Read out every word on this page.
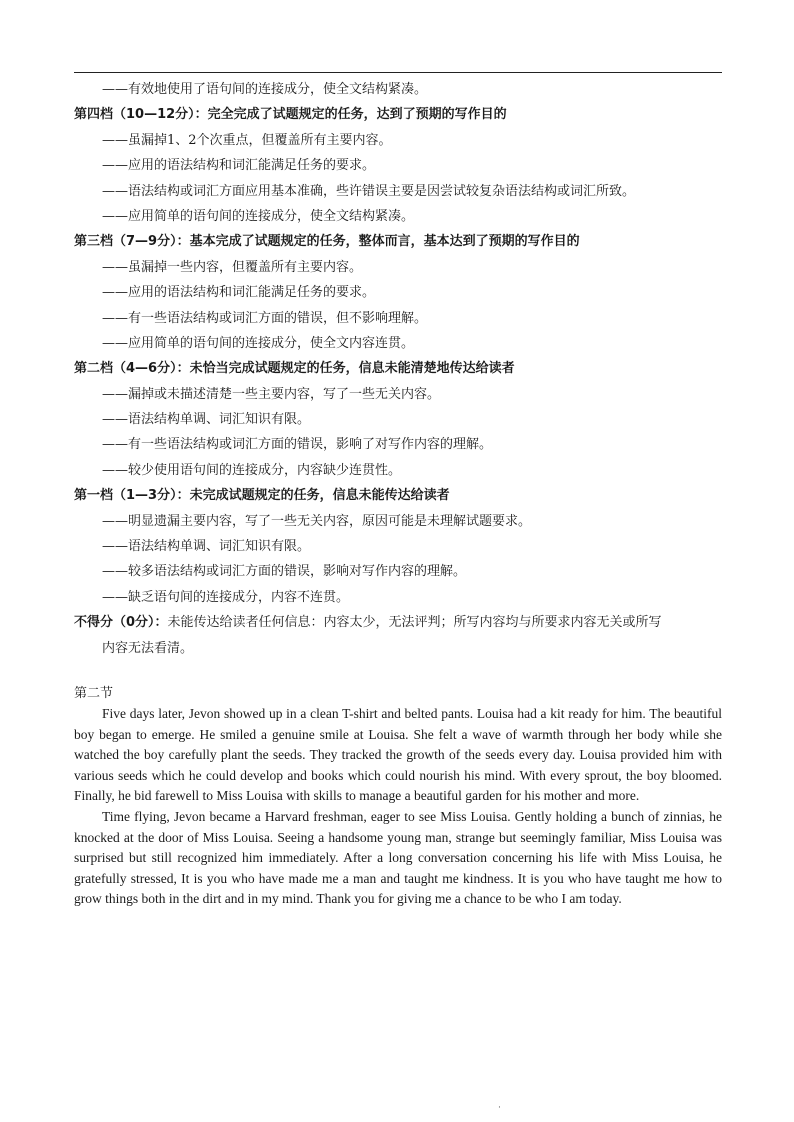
——有效地使用了语句间的连接成分，使全文结构紧凑。
第四档（10—12分）：完全完成了试题规定的任务，达到了预期的写作目的
——虽漏掉1、2个次重点，但覆盖所有主要内容。
——应用的语法结构和词汇能满足任务的要求。
——语法结构或词汇方面应用基本准确，些许错误主要是因尝试较复杂语法结构或词汇所致。
——应用简单的语句间的连接成分，使全文结构紧凑。
第三档（7—9分）：基本完成了试题规定的任务，整体而言，基本达到了预期的写作目的
——虽漏掉一些内容，但覆盖所有主要内容。
——应用的语法结构和词汇能满足任务的要求。
——有一些语法结构或词汇方面的错误，但不影响理解。
——应用简单的语句间的连接成分，使全文内容连贯。
第二档（4—6分）：未恰当完成试题规定的任务，信息未能清楚地传达给读者
——漏掉或未描述清楚一些主要内容，写了一些无关内容。
——语法结构单调、词汇知识有限。
——有一些语法结构或词汇方面的错误，影响了对写作内容的理解。
——较少使用语句间的连接成分，内容缺少连贯性。
第一档（1—3分）：未完成试题规定的任务，信息未能传达给读者
——明显遗漏主要内容，写了一些无关内容，原因可能是未理解试题要求。
——语法结构单调、词汇知识有限。
——较多语法结构或词汇方面的错误，影响对写作内容的理解。
——缺乏语句间的连接成分，内容不连贯。
不得分（0分）：未能传达给读者任何信息：内容太少，无法评判；所写内容均与所要求内容无关或所写
内容无法看清。
第二节

Five days later, Jevon showed up in a clean T-shirt and belted pants. Louisa had a kit ready for him. The beautiful boy began to emerge. He smiled a genuine smile at Louisa. She felt a wave of warmth through her body while she watched the boy carefully plant the seeds. They tracked the growth of the seeds every day. Louisa provided him with various seeds which he could develop and books which could nourish his mind. With every sprout, the boy bloomed. Finally, he bid farewell to Miss Louisa with skills to manage a beautiful garden for his mother and more.

Time flying, Jevon became a Harvard freshman, eager to see Miss Louisa. Gently holding a bunch of zinnias, he knocked at the door of Miss Louisa. Seeing a handsome young man, strange but seemingly familiar, Miss Louisa was surprised but still recognized him immediately. After a long conversation concerning his life with Miss Louisa, he gratefully stressed, It is you who have made me a man and taught me kindness. It is you who have taught me how to grow things both in the dirt and in my mind. Thank you for giving me a chance to be who I am today.

·
